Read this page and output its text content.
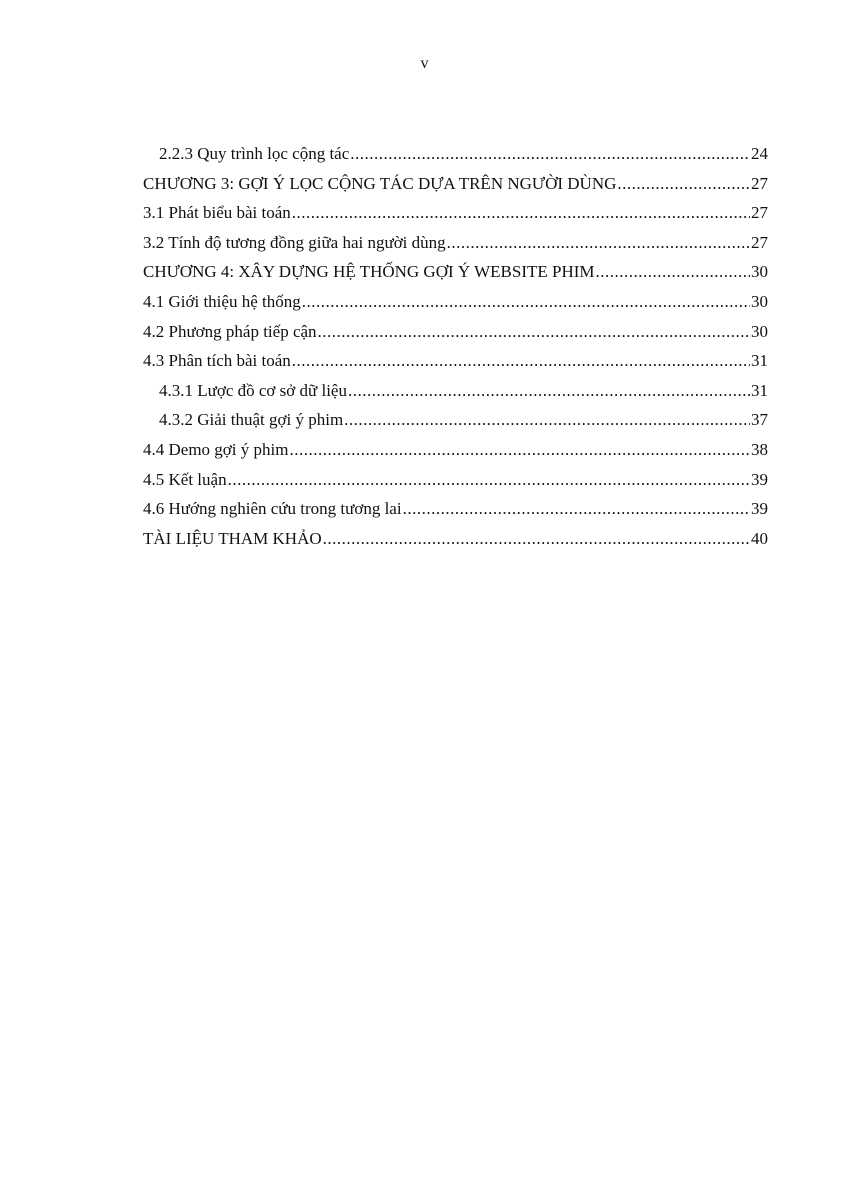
v
2.2.3 Quy trình lọc cộng tác .....	24
CHƯƠNG 3: GỢI Ý LỌC CỘNG TÁC DỰA TRÊN NGƯỜI DÙNG .....	27
3.1 Phát biểu bài toán .....	27
3.2 Tính độ tương đồng giữa hai người dùng .....	27
CHƯƠNG 4: XÂY DỰNG HỆ THỐNG GỢI Ý WEBSITE PHIM .....	30
4.1 Giới thiệu hệ thống .....	30
4.2 Phương pháp tiếp cận .....	30
4.3 Phân tích bài toán .....	31
4.3.1 Lược đồ cơ sở dữ liệu .....	31
4.3.2 Giải thuật gợi ý phim .....	37
4.4 Demo gợi ý phim .....	38
4.5 Kết luận .....	39
4.6 Hướng nghiên cứu trong tương lai .....	39
TÀI LIỆU THAM KHẢO .....	40
